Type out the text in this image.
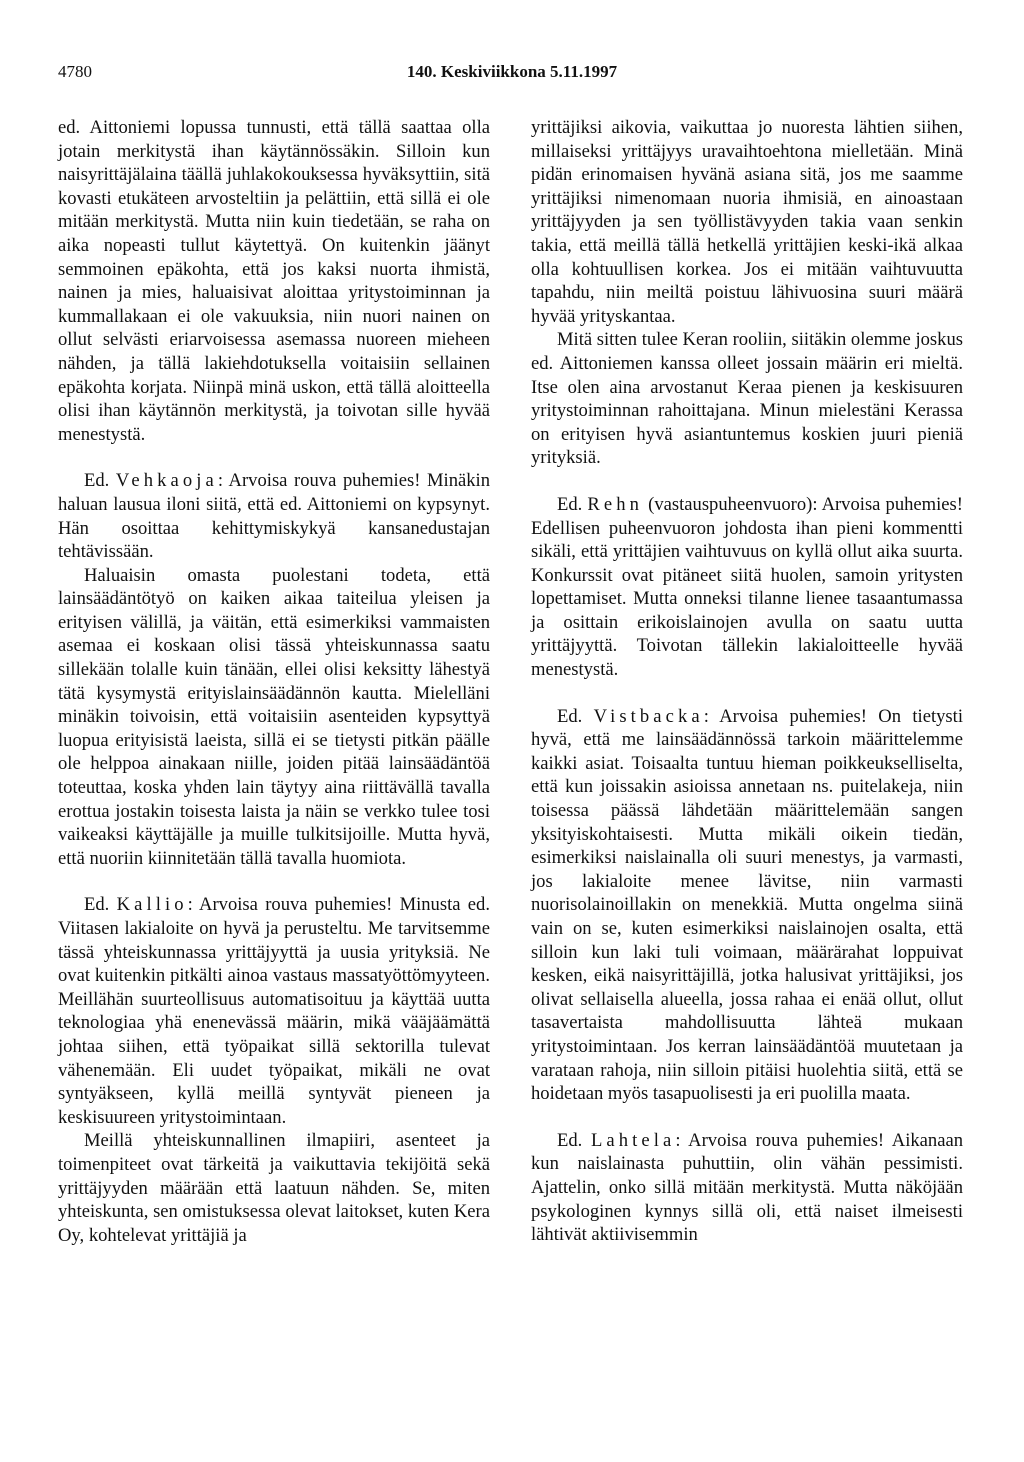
4780	140. Keskiviikkona 5.11.1997

ed. Aittoniemi lopussa tunnusti, että tällä saattaa olla jotain merkitystä ihan käytännössäkin. Silloin kun naisyrittäjälaina täällä juhlakokouksessa hyväksyttiin, sitä kovasti etukäteen arvosteltiin ja pelättiin, että sillä ei ole mitään merkitystä. Mutta niin kuin tiedetään, se raha on aika nopeasti tullut käytettyä. On kuitenkin jäänyt semmoinen epäkohta, että jos kaksi nuorta ihmistä, nainen ja mies, haluaisivat aloittaa yritystoiminnan ja kummallakaan ei ole vakuuksia, niin nuori nainen on ollut selvästi eriarvoisessa asemassa nuoreen mieheen nähden, ja tällä lakiehdotuksella voitaisiin sellainen epäkohta korjata. Niinpä minä uskon, että tällä aloitteella olisi ihan käytännön merkitystä, ja toivotan sille hyvää menestystä.

Ed. Vehkaoja: Arvoisa rouva puhemies! Minäkin haluan lausua iloni siitä, että ed. Aittoniemi on kypsynyt. Hän osoittaa kehittymiskykyä kansanedustajan tehtävissään.

Haluaisin omasta puolestani todeta, että lainsäädäntötyö on kaiken aikaa taiteilua yleisen ja erityisen välillä, ja väitän, että esimerkiksi vammaisten asemaa ei koskaan olisi tässä yhteiskunnassa saatu sillekään tolalle kuin tänään, ellei olisi keksitty lähestyä tätä kysymystä erityislainsäädännön kautta. Mielelläni minäkin toivoisin, että voitaisiin asenteiden kypsyttyä luopua erityisistä laeista, sillä ei se tietysti pitkän päälle ole helppoa ainakaan niille, joiden pitää lainsäädäntöä toteuttaa, koska yhden lain täytyy aina riittävällä tavalla erottua jostakin toisesta laista ja näin se verkko tulee tosi vaikeaksi käyttäjälle ja muille tulkitsijoille. Mutta hyvä, että nuoriin kiinnitetään tällä tavalla huomiota.

Ed. Kallio: Arvoisa rouva puhemies! Minusta ed. Viitasen lakialoite on hyvä ja perusteltu. Me tarvitsemme tässä yhteiskunnassa yrittäjyyttä ja uusia yrityksiä. Ne ovat kuitenkin pitkälti ainoa vastaus massatyöttömyyteen. Meillähän suurteollisuus automatisoituu ja käyttää uutta teknologiaa yhä enenevässä määrin, mikä vääjäämättä johtaa siihen, että työpaikat sillä sektorilla tulevat vähenemään. Eli uudet työpaikat, mikäli ne ovat syntyäkseen, kyllä meillä syntyvät pieneen ja keskisuureen yritystoimintaan.

Meillä yhteiskunnallinen ilmapiiri, asenteet ja toimenpiteet ovat tärkeitä ja vaikuttavia tekijöitä sekä yrittäjyyden määrään että laatuun nähden. Se, miten yhteiskunta, sen omistuksessa olevat laitokset, kuten Kera Oy, kohtelevat yrittäjiä ja

yrittäjiksi aikovia, vaikuttaa jo nuoresta lähtien siihen, millaiseksi yrittäjyys uravaihtoehtona mielletään. Minä pidän erinomaisen hyvänä asiana sitä, jos me saamme yrittäjiksi nimenomaan nuoria ihmisiä, en ainoastaan yrittäjyyden ja sen työllistävyyden takia vaan senkin takia, että meillä tällä hetkellä yrittäjien keski-ikä alkaa olla kohtuullisen korkea. Jos ei mitään vaihtuvuutta tapahdu, niin meiltä poistuu lähivuosina suuri määrä hyvää yrityskantaa.

Mitä sitten tulee Keran rooliin, siitäkin olemme joskus ed. Aittoniemen kanssa olleet jossain määrin eri mieltä. Itse olen aina arvostanut Keraa pienen ja keskisuuren yritystoiminnan rahoittajana. Minun mielestäni Kerassa on erityisen hyvä asiantuntemus koskien juuri pieniä yrityksiä.

Ed. Rehn (vastauspuheenvuoro): Arvoisa puhemies! Edellisen puheenvuoron johdosta ihan pieni kommentti sikäli, että yrittäjien vaihtuvuus on kyllä ollut aika suurta. Konkurssit ovat pitäneet siitä huolen, samoin yritysten lopettamiset. Mutta onneksi tilanne lienee tasaantumassa ja osittain erikoislainojen avulla on saatu uutta yrittäjyyttä. Toivotan tällekin lakialoitteelle hyvää menestystä.

Ed. Vistbacka: Arvoisa puhemies! On tietysti hyvä, että me lainsäädännössä tarkoin määrittelemme kaikki asiat. Toisaalta tuntuu hieman poikkeukselliselta, että kun joissakin asioissa annetaan ns. puitelakeja, niin toisessa päässä lähdetään määrittelemään sangen yksityiskohtaisesti. Mutta mikäli oikein tiedän, esimerkiksi naislainalla oli suuri menestys, ja varmasti, jos lakialoite menee lävitse, niin varmasti nuorisolainoillakin on menekkiä. Mutta ongelma siinä vain on se, kuten esimerkiksi naislainojen osalta, että silloin kun laki tuli voimaan, määrärahat loppuivat kesken, eikä naisyrittäjillä, jotka halusivat yrittäjiksi, jos olivat sellaisella alueella, jossa rahaa ei enää ollut, ollut tasavertaista mahdollisuutta lähteä mukaan yritystoimintaan. Jos kerran lainsäädäntöä muutetaan ja varataan rahoja, niin silloin pitäisi huolehtia siitä, että se hoidetaan myös tasapuolisesti ja eri puolilla maata.

Ed. Lahtela: Arvoisa rouva puhemies! Aikanaan kun naislainasta puhuttiin, olin vähän pessimisti. Ajattelin, onko sillä mitään merkitystä. Mutta näköjään psykologinen kynnys sillä oli, että naiset ilmeisesti lähtivät aktiivisemmin
